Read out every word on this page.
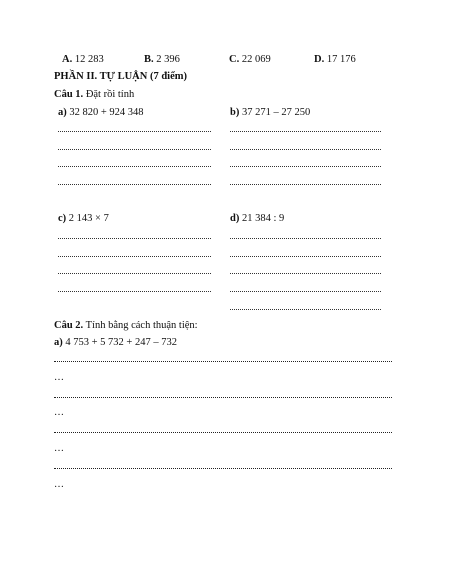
A. 12 283	B. 2 396	C. 22 069	D. 17 176
PHẦN II. TỰ LUẬN (7 điểm)
Câu 1. Đặt rồi tính
a) 32 820 + 924 348	b) 37 271 – 27 250
c) 2 143 × 7	d) 21 384 : 9
Câu 2. Tính bằng cách thuận tiện:
a) 4 753 + 5 732 + 247 – 732
…
…
…
…
